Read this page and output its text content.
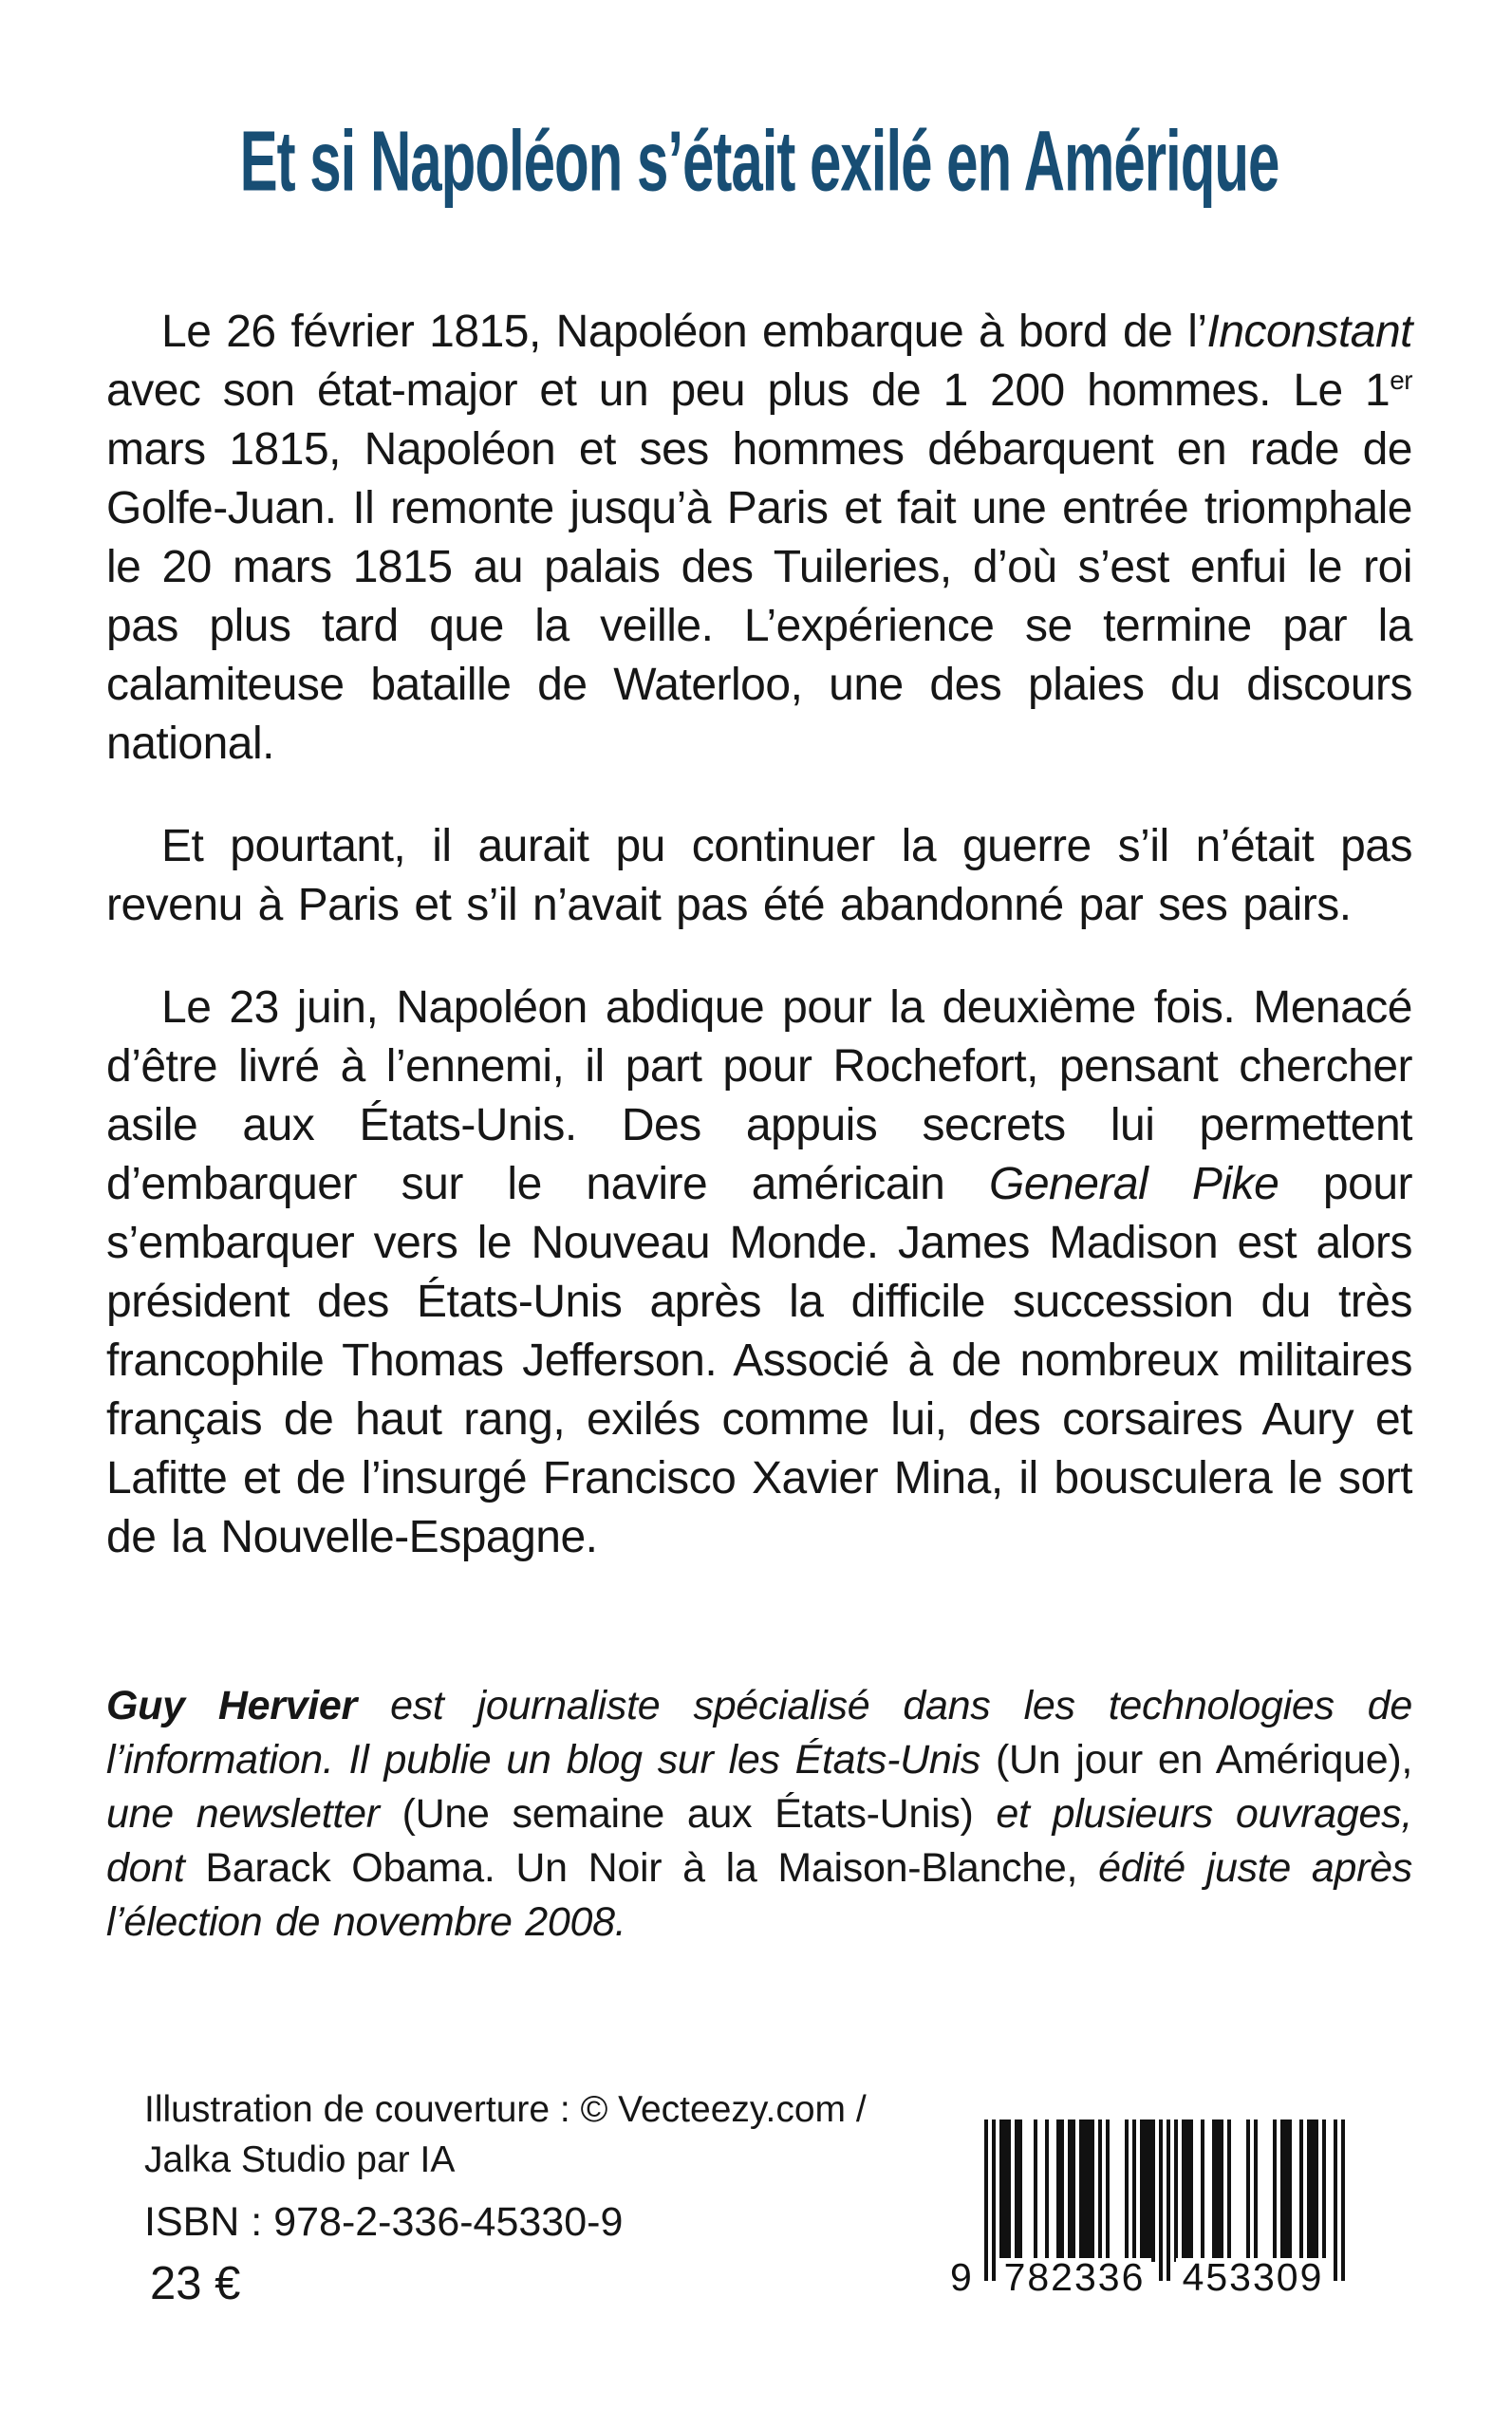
Et si Napoléon s’était exilé en Amérique

Le 26 février 1815, Napoléon embarque à bord de l’Inconstant avec son état-major et un peu plus de 1 200 hommes. Le 1er mars 1815, Napoléon et ses hommes débarquent en rade de Golfe-Juan. Il remonte jusqu’à Paris et fait une entrée triomphale le 20 mars 1815 au palais des Tuileries, d’où s’est enfui le roi pas plus tard que la veille. L’expérience se termine par la calamiteuse bataille de Waterloo, une des plaies du discours national.

Et pourtant, il aurait pu continuer la guerre s’il n’était pas revenu à Paris et s’il n’avait pas été abandonné par ses pairs.

Le 23 juin, Napoléon abdique pour la deuxième fois. Menacé d’être livré à l’ennemi, il part pour Rochefort, pensant chercher asile aux États-Unis. Des appuis secrets lui permettent d’embarquer sur le navire américain General Pike pour s’embarquer vers le Nouveau Monde. James Madison est alors président des États-Unis après la difficile succession du très francophile Thomas Jefferson. Associé à de nombreux militaires français de haut rang, exilés comme lui, des corsaires Aury et Lafitte et de l’insurgé Francisco Xavier Mina, il bousculera le sort de la Nouvelle-Espagne.

Guy Hervier est journaliste spécialisé dans les technologies de l’information. Il publie un blog sur les États-Unis (Un jour en Amérique), une newsletter (Une semaine aux États-Unis) et plusieurs ouvrages, dont Barack Obama. Un Noir à la Maison-Blanche, édité juste après l’élection de novembre 2008.

Illustration de couverture : © Vecteezy.com /
Jalka Studio par IA
ISBN : 978-2-336-45330-9
23 €	9 782336 453309
